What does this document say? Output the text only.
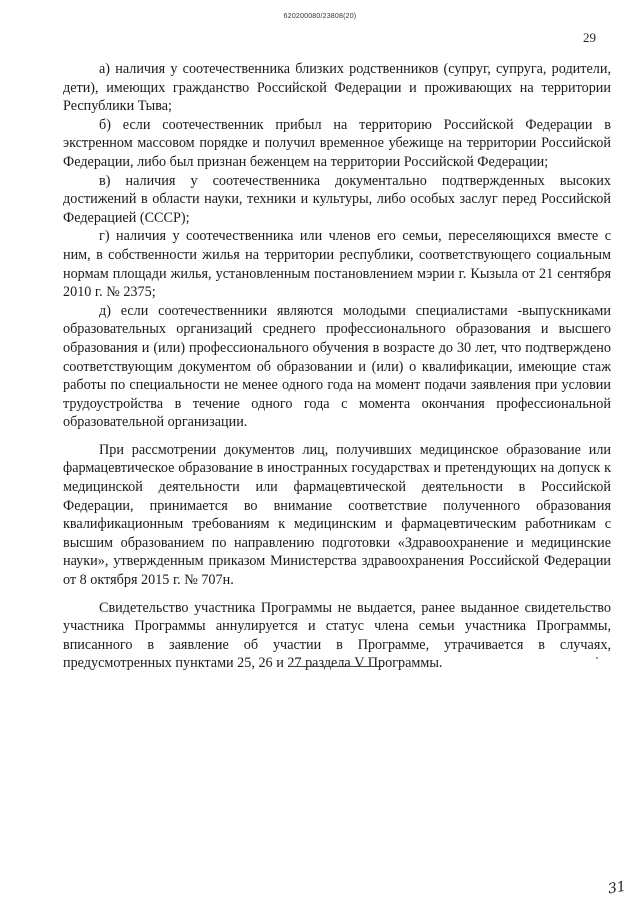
620200080/23808(20)
29

а) наличия у соотечественника близких родственников (супруг, супруга, родители, дети), имеющих гражданство Российской Федерации и проживающих на территории Республики Тыва;

б) если соотечественник прибыл на территорию Российской Федерации в экстренном массовом порядке и получил временное убежище на территории Российской Федерации, либо был признан беженцем на территории Российской Федерации;

в) наличия у соотечественника документально подтвержденных высоких достижений в области науки, техники и культуры, либо особых заслуг перед Российской Федерацией (СССР);

г) наличия у соотечественника или членов его семьи, переселяющихся вместе с ним, в собственности жилья на территории республики, соответствующего социальным нормам площади жилья, установленным постановлением мэрии г. Кызыла от 21 сентября 2010 г. № 2375;

д) если соотечественники являются молодыми специалистами -выпускниками образовательных организаций среднего профессионального образования и высшего образования и (или) профессионального обучения в возрасте до 30 лет, что подтверждено соответствующим документом об образовании и (или) о квалификации, имеющие стаж работы по специальности не менее одного года на момент подачи заявления при условии трудоустройства в течение одного года с момента окончания профессиональной образовательной организации.

При рассмотрении документов лиц, получивших медицинское образование или фармацевтическое образование в иностранных государствах и претендующих на допуск к медицинской деятельности или фармацевтической деятельности в Российской Федерации, принимается во внимание соответствие полученного образования квалификационным требованиям к медицинским и фармацевтическим работникам с высшим образованием по направлению подготовки «Здравоохранение и медицинские науки», утвержденным приказом Министерства здравоохранения Российской Федерации от 8 октября 2015 г. № 707н.

Свидетельство участника Программы не выдается, ранее выданное свидетельство участника Программы аннулируется и статус члена семьи участника Программы, вписанного в заявление об участии в Программе, утрачивается в случаях, предусмотренных пунктами 25, 26 и 27 раздела V Программы.

31
